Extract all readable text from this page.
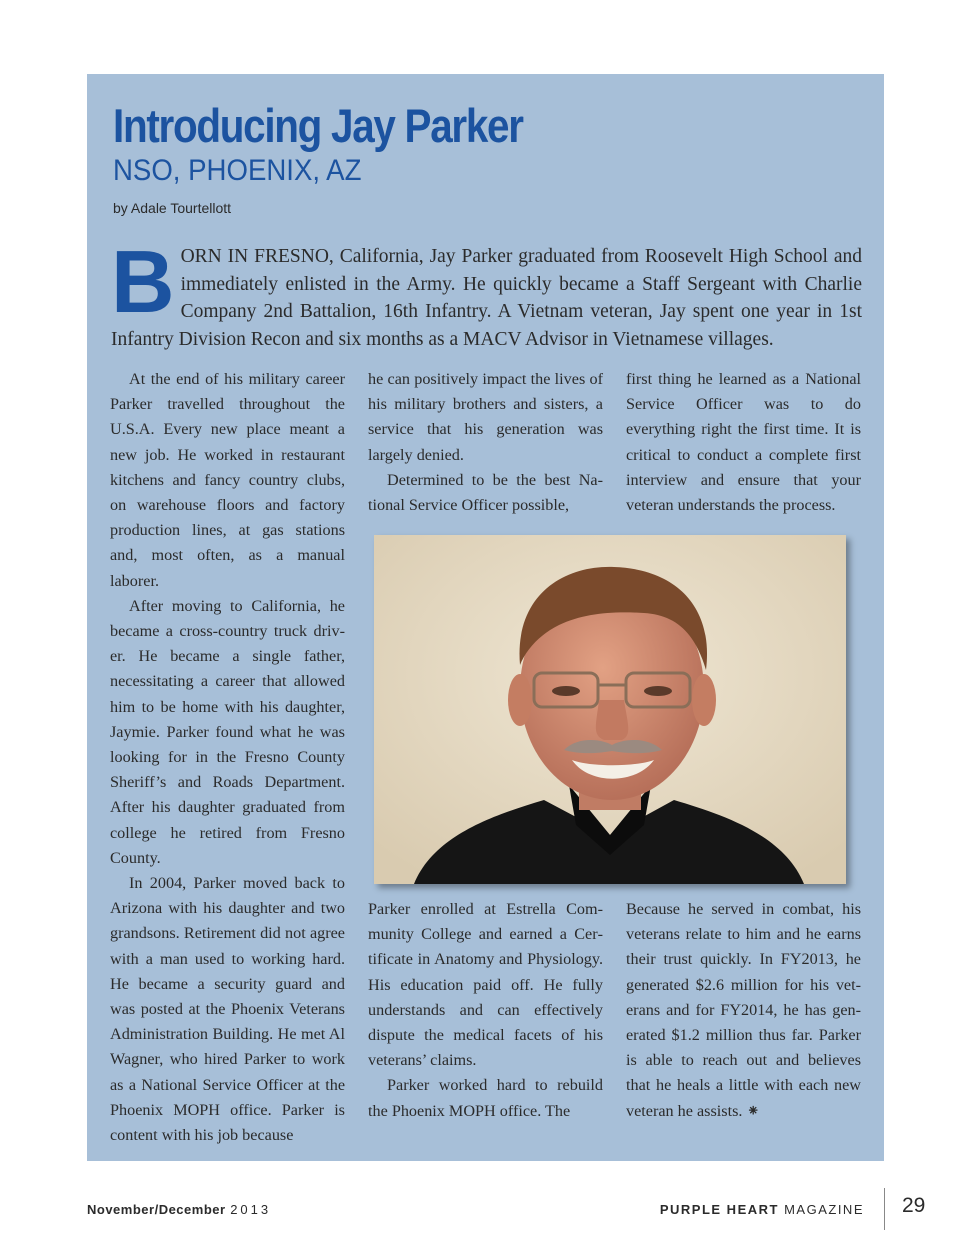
Introducing Jay Parker
NSO, PHOENIX, AZ
by Adale Tourtellott

BORN IN FRESNO, California, Jay Parker graduated from Roosevelt High School and immediately enlisted in the Army. He quickly became a Staff Sergeant with Charlie Company 2nd Battalion, 16th Infantry. A Vietnam veteran, Jay spent one year in 1st Infantry Division Recon and six months as a MACV Advisor in Vietnamese villages.

At the end of his military career Parker travelled throughout the U.S.A. Every new place meant a new job. He worked in restaurant kitchens and fancy country clubs, on warehouse floors and factory production lines, at gas stations and, most often, as a manual laborer.

After moving to California, he became a cross-country truck driver. He became a single father, necessitating a career that allowed him to be home with his daughter, Jaymie. Parker found what he was looking for in the Fresno County Sheriff’s and Roads Department. After his daughter graduated from college he retired from Fresno County.

In 2004, Parker moved back to Arizona with his daughter and two grandsons. Retirement did not agree with a man used to working hard. He became a security guard and was posted at the Phoenix Veterans Administration Building. He met Al Wagner, who hired Parker to work as a National Service Officer at the Phoenix MOPH office. Parker is content with his job because

he can positively impact the lives of his military brothers and sisters, a service that his generation was largely denied.

Determined to be the best National Service Officer possible,

first thing he learned as a National Service Officer was to do everything right the first time. It is critical to conduct a complete first interview and ensure that your veteran understands the process.

Parker enrolled at Estrella Community College and earned a Certificate in Anatomy and Physiology. His education paid off. He fully understands and can effectively dispute the medical facets of his veterans’ claims.

Parker worked hard to rebuild the Phoenix MOPH office. The

Because he served in combat, his veterans relate to him and he earns their trust quickly. In FY2013, he generated $2.6 million for his veterans and for FY2014, he has generated $1.2 million thus far. Parker is able to reach out and believes that he heals a little with each new veteran he assists. ⁕

November/December 2013	PURPLE HEART MAGAZINE 29
